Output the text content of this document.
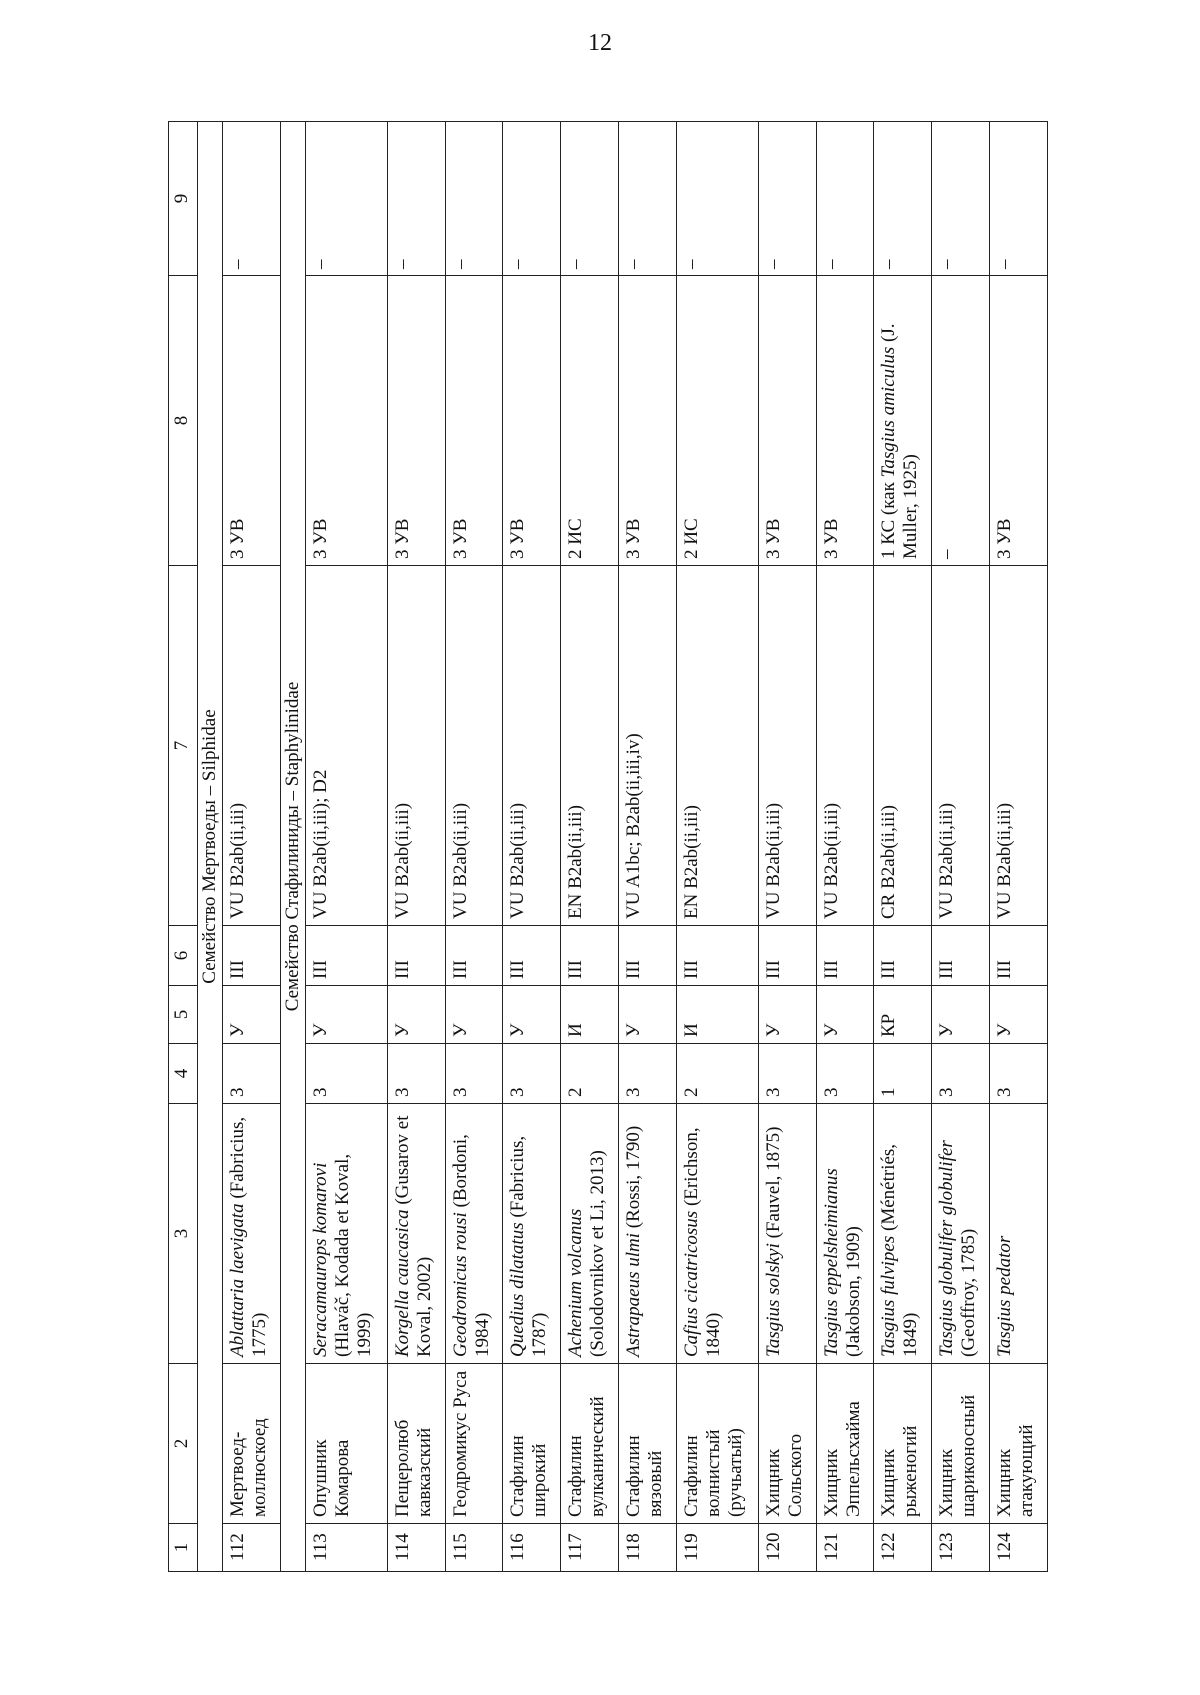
12
1	2	3	4	5	6	7	8	9
Семейство Мертвоеды – Silphidae								
112	Мертвоед-моллюскоед	Ablattaria laevigata (Fabricius, 1775)	3	У	III	VU B2ab(ii,iii)	3 УВ	–
Семейство Стафилиниды – Staphylinidae								
113	Опушник Комарова	Seracamaurops komarovi (Hlaváč, Kodada et Koval, 1999)	3	У	III	VU B2ab(ii,iii); D2	3 УВ	–
114	Пещеролюб кавказский	Korgella caucasica (Gusarov et Koval, 2002)	3	У	III	VU B2ab(ii,iii)	3 УВ	–
115	Геодромикус Руса	Geodromicus rousi (Bordoni, 1984)	3	У	III	VU B2ab(ii,iii)	3 УВ	–
116	Стафилин широкий	Quedius dilatatus (Fabricius, 1787)	3	У	III	VU B2ab(ii,iii)	3 УВ	–
117	Стафилин вулканический	Achenium volcanus (Solodovnikov et Li, 2013)	2	И	III	EN B2ab(ii,iii)	2 ИС	–
118	Стафилин вязовый	Astrapaeus ulmi (Rossi, 1790)	3	У	III	VU A1bc; B2ab(ii,iii,iv)	3 УВ	–
119	Стафилин волнистый (ручьатый)	Cafius cicatricosus (Erichson, 1840)	2	И	III	EN B2ab(ii,iii)	2 ИС	–
120	Хищник Сольского	Tasgius solskyi (Fauvel, 1875)	3	У	III	VU B2ab(ii,iii)	3 УВ	–
121	Хищник Эппельсхайма	Tasgius eppelsheimianus (Jakobson, 1909)	3	У	III	VU B2ab(ii,iii)	3 УВ	–
122	Хищник рыженогий	Tasgius fulvipes (Ménétriés, 1849)	1	КР	III	CR B2ab(ii,iii)	1 КС (как Tasgius amiculus (J. Muller, 1925)	–
123	Хищник шариконосный	Tasgius globulifer globulifer (Geoffroy, 1785)	3	У	III	VU B2ab(ii,iii)	–	–
124	Хищник атакующий	Tasgius pedator	3	У	III	VU B2ab(ii,iii)	3 УВ	–
